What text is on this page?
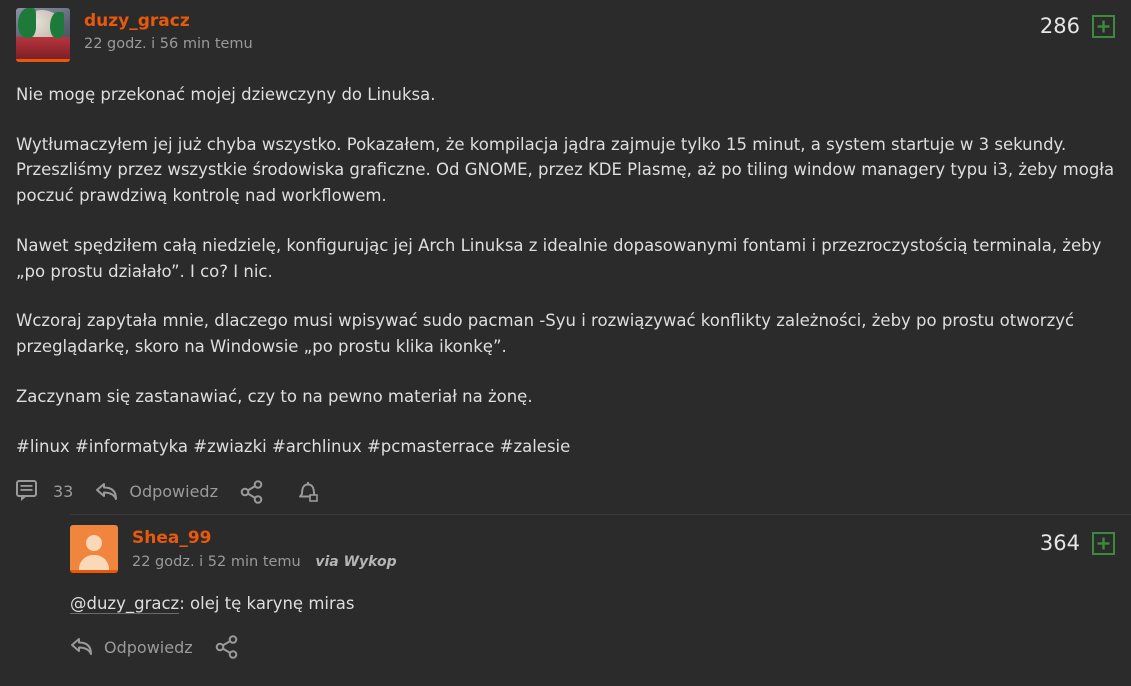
duzy_gracz
22 godz. i 56 min temu
286

Nie mogę przekonać mojej dziewczyny do Linuksa.

Wytłumaczyłem jej już chyba wszystko. Pokazałem, że kompilacja jądra zajmuje tylko 15 minut, a system startuje w 3 sekundy. Przeszliśmy przez wszystkie środowiska graficzne. Od GNOME, przez KDE Plasmę, aż po tiling window managery typu i3, żeby mogła poczuć prawdziwą kontrolę nad workflowem.

Nawet spędziłem całą niedzielę, konfigurując jej Arch Linuksa z idealnie dopasowanymi fontami i przezroczystością terminala, żeby „po prostu działało”. I co? I nic.

Wczoraj zapytała mnie, dlaczego musi wpisywać sudo pacman -Syu i rozwiązywać konflikty zależności, żeby po prostu otworzyć przeglądarkę, skoro na Windowsie „po prostu klika ikonkę”.

Zaczynam się zastanawiać, czy to na pewno materiał na żonę.

#linux #informatyka #zwiazki #archlinux #pcmasterrace #zalesie

33	Odpowiedz
Shea_99
22 godz. i 52 min temu via Wykop
364

@duzy_gracz: olej tę karynę miras

Odpowiedz
